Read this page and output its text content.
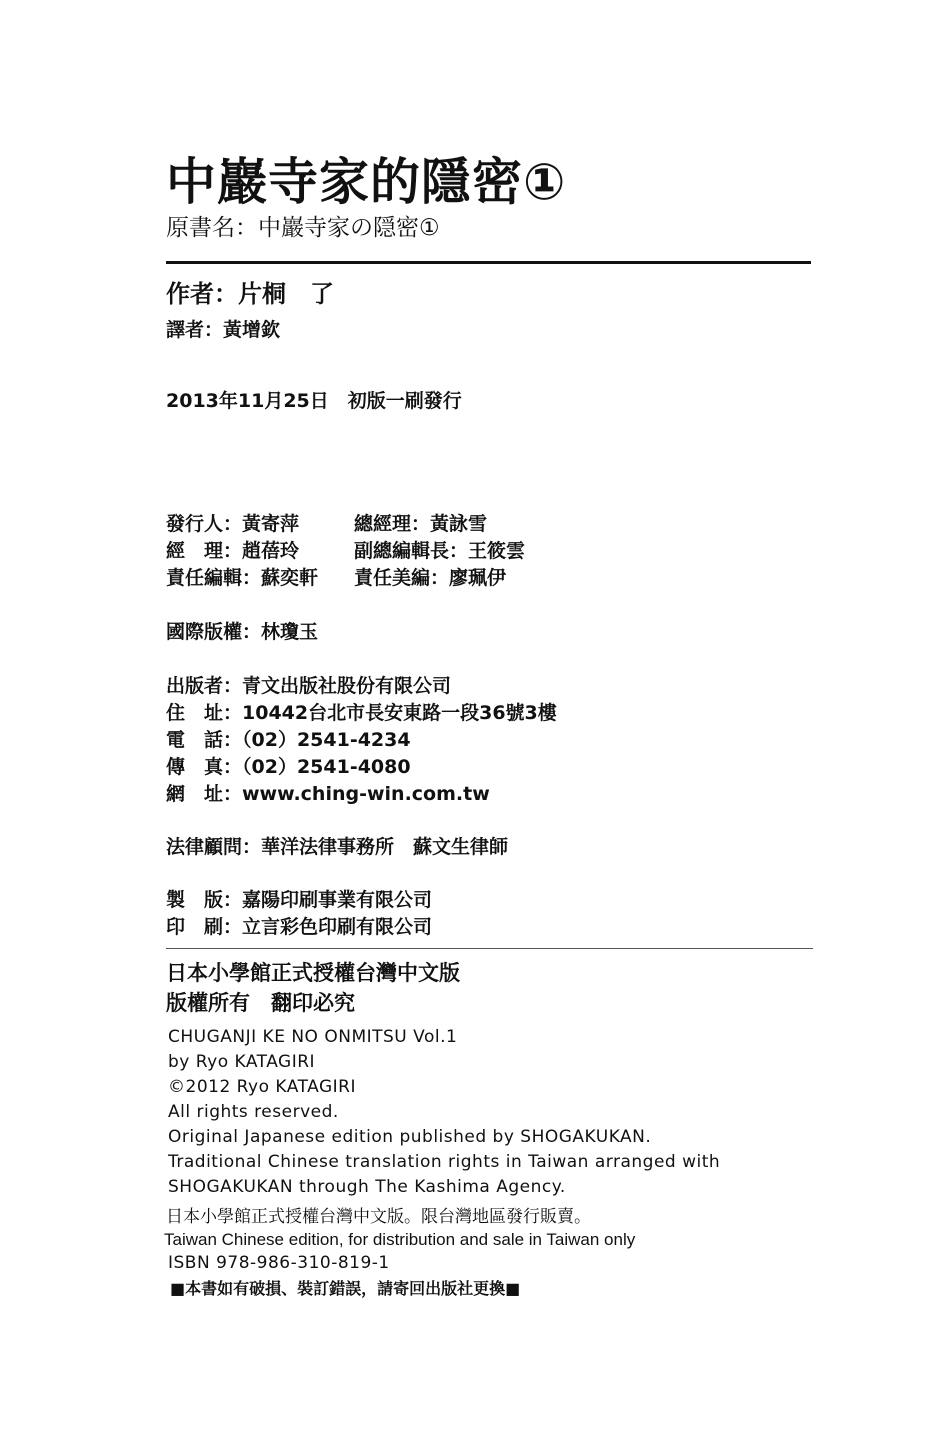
中巖寺家的隱密①
原書名：中巖寺家の隠密①
作者：片桐　了
譯者：黃增欽
2013年11月25日　初版一刷發行
發行人：黃寄萍	總經理：黃詠雪
經　理：趙蓓玲	副總編輯長：王筱雲
責任編輯：蘇奕軒 責任美編：廖珮伊
國際版權：林瓊玉
出版者：青文出版社股份有限公司
住　址：10442台北市長安東路一段36號3樓
電　話：（02）2541-4234
傳　真：（02）2541-4080
網　址：www.ching-win.com.tw
法律顧問：華洋法律事務所　蘇文生律師
製　版：嘉陽印刷事業有限公司
印　刷：立言彩色印刷有限公司
日本小學館正式授權台灣中文版
版權所有　翻印必究
CHUGANJI KE NO ONMITSU Vol.1
by Ryo KATAGIRI
©2012 Ryo KATAGIRI
All rights reserved.
Original Japanese edition published by SHOGAKUKAN.
Traditional Chinese translation rights in Taiwan arranged with
SHOGAKUKAN through The Kashima Agency.
日本小學館正式授權台灣中文版。限台灣地區發行販賣。
Taiwan Chinese edition, for distribution and sale in Taiwan only
ISBN 978-986-310-819-1
■本書如有破損、裝訂錯誤，請寄回出版社更換■
